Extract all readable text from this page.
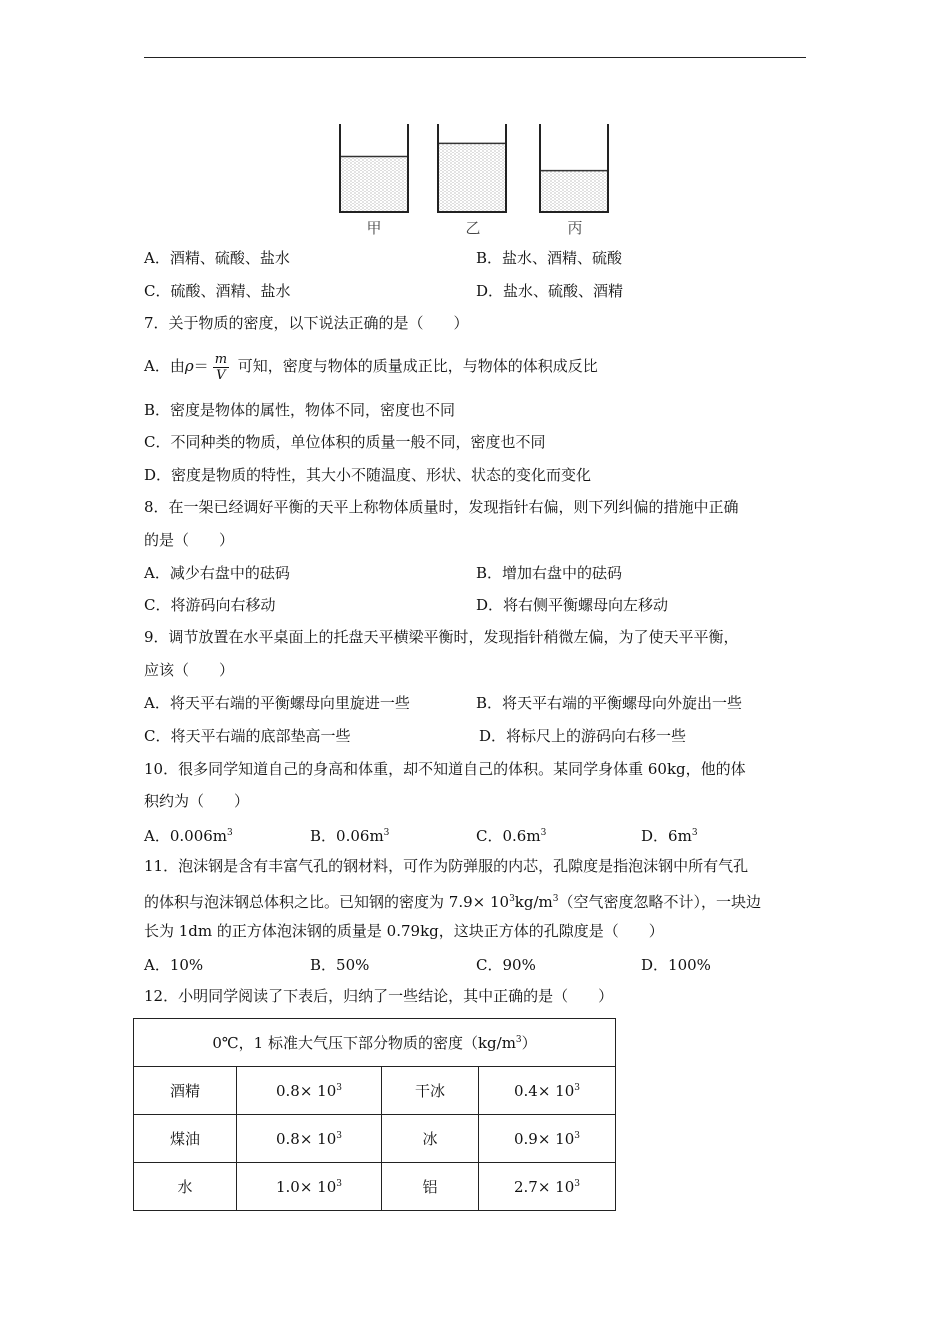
甲	乙	丙
A．酒精、硫酸、盐水	B．盐水、酒精、硫酸
C．硫酸、酒精、盐水	D．盐水、硫酸、酒精
7．关于物质的密度，以下说法正确的是（　　）
A．由$\rho= \frac{m}{V}$ 可知，密度与物体的质量成正比，与物体的体积成反比
B．密度是物体的属性，物体不同，密度也不同
C．不同种类的物质，单位体积的质量一般不同，密度也不同
D．密度是物质的特性，其大小不随温度、形状、状态的变化而变化
8．在一架已经调好平衡的天平上称物体质量时，发现指针右偏，则下列纠偏的措施中正确
的是（　　）
A．减少右盘中的砝码	B．增加右盘中的砝码
C．将游码向右移动	D．将右侧平衡螺母向左移动
9．调节放置在水平桌面上的托盘天平横梁平衡时，发现指针稍微左偏，为了使天平平衡，
应该（　　）
A．将天平右端的平衡螺母向里旋进一些	B．将天平右端的平衡螺母向外旋出一些
C．将天平右端的底部垫高一些	D．将标尺上的游码向右移一些
10．很多同学知道自己的身高和体重，却不知道自己的体积。某同学身体重 60kg，他的体
积约为（　　）
A．$0.006m^3$	B．$0.06m^3$	C．$0.6m^3$	D．$6m^3$
11．泡沫钢是含有丰富气孔的钢材料，可作为防弹服的内芯，孔隙度是指泡沫钢中所有气孔
的体积与泡沫钢总体积之比。已知钢的密度为 $7.9\times 10^3kg/m^3$（空气密度忽略不计），一块边
长为 1dm 的正方体泡沫钢的质量是 0.79kg，这块正方体的孔隙度是（　　）
A．10%	B．50%	C．90%	D．100%
12．小明同学阅读了下表后，归纳了一些结论，其中正确的是（　　）
0℃，1 标准大气压下部分物质的密度$(kg/m^3)$			
酒精	$0.8\times 10^3$	干冰	$0.4\times 10^3$
煤油	$0.8\times 10^3$	冰	$0.9\times 10^3$
水	$1.0\times 10^3$	铝	$2.7\times 10^3$
